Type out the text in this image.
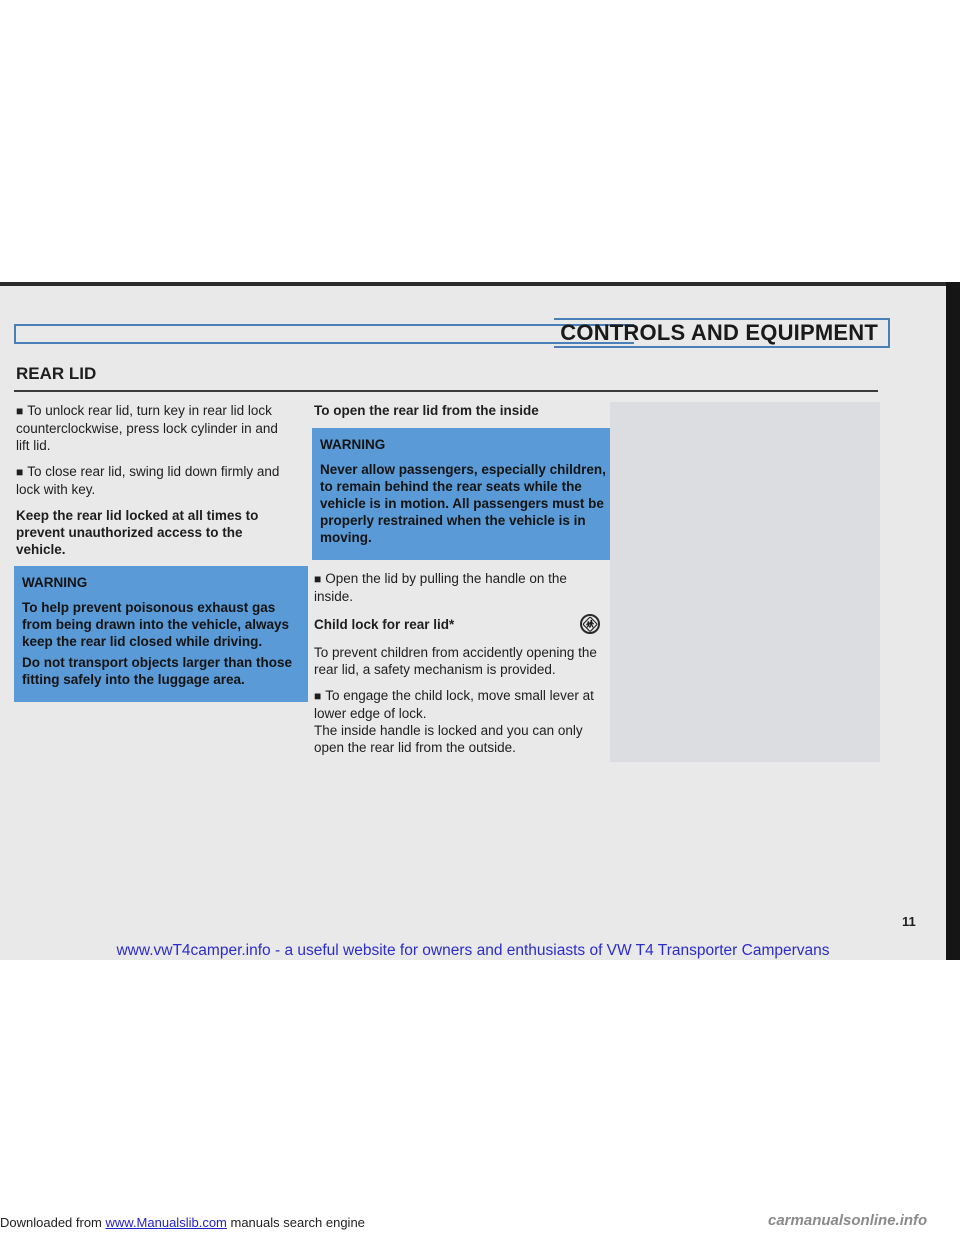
CONTROLS AND EQUIPMENT
REAR LID

■ To unlock rear lid, turn key in rear lid lock counterclockwise, press lock cylinder in and lift lid.

■ To close rear lid, swing lid down firmly and lock with key.

Keep the rear lid locked at all times to prevent unauthorized access to the vehicle.

WARNING

To help prevent poisonous exhaust gas from being drawn into the vehicle, always keep the rear lid closed while driving.

Do not transport objects larger than those fitting safely into the luggage area.

To open the rear lid from the inside

WARNING

Never allow passengers, especially children, to remain behind the rear seats while the vehicle is in motion. All passengers must be properly restrained when the vehicle is in moving.

■ Open the lid by pulling the handle on the inside.

Child lock for rear lid*	🚸︎

To prevent children from accidently opening the rear lid, a safety mechanism is provided.

■ To engage the child lock, move small lever at lower edge of lock.
The inside handle is locked and you can only open the rear lid from the outside.

11
www.vwT4camper.info - a useful website for owners and enthusiasts of VW T4 Transporter Campervans
Downloaded from www.Manualslib.com manuals search engine	carmanualsonline.info
